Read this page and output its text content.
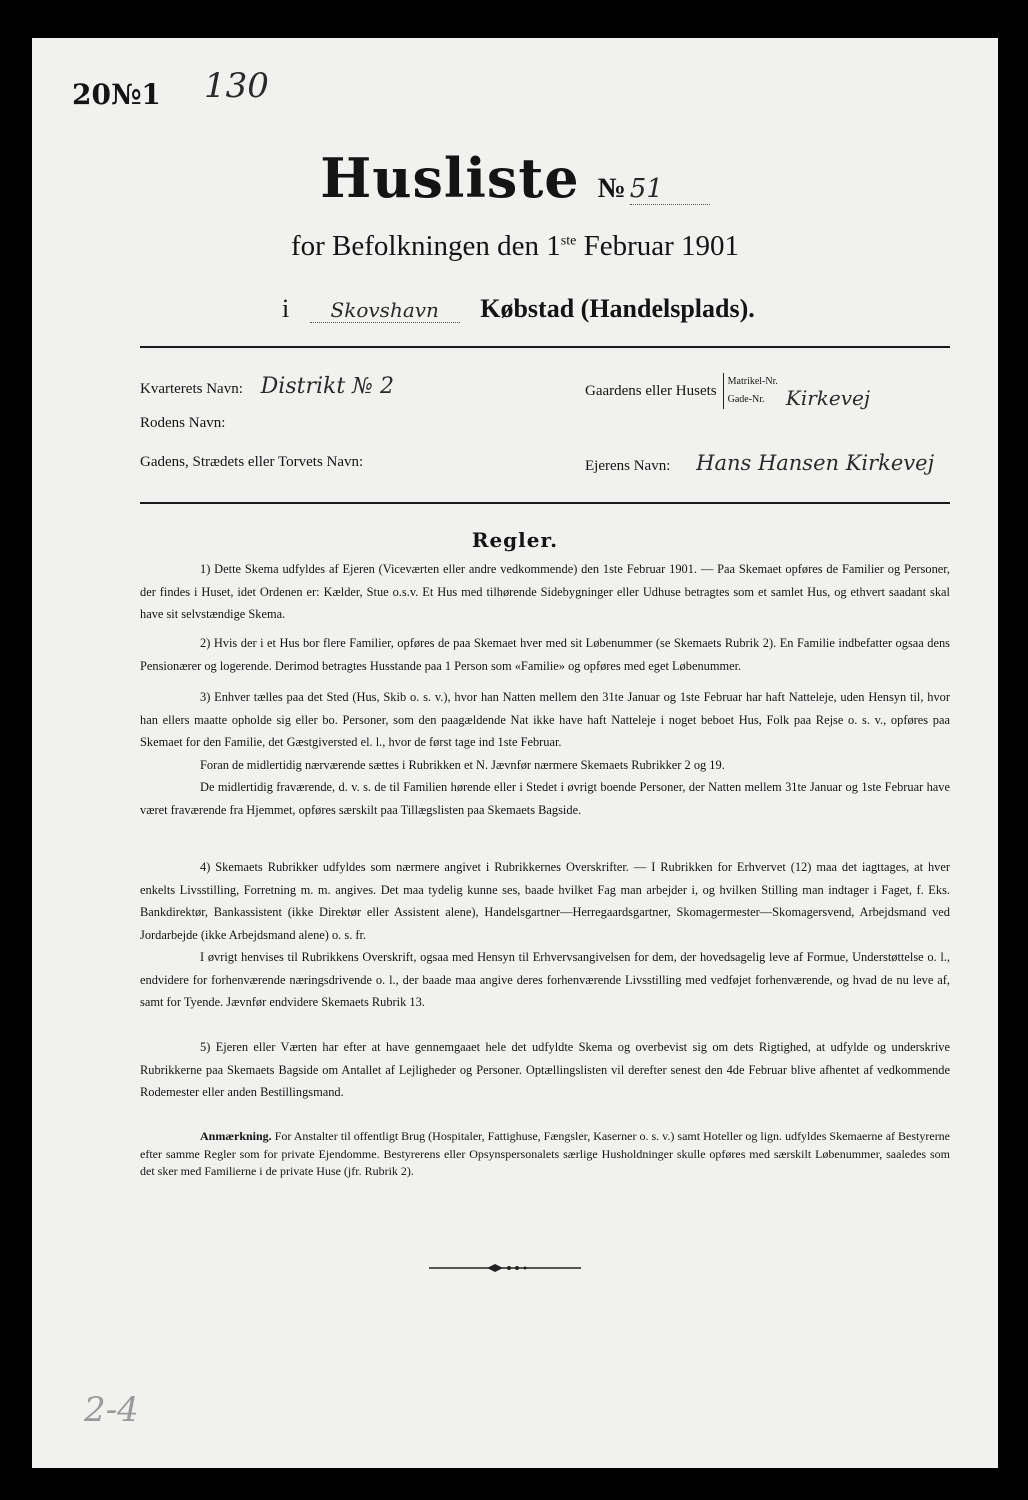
20№1 130
Husliste № 51
for Befolkningen den 1ste Februar 1901
i Skovshavn Købstad (Handelsplads).
Kvarterets Navn: Distrikt № 2	Gaardens eller Husets
Matrikel-Nr.
Gade-Nr.	Kirkevej
Rodens Navn:
Gadens, Strædets eller Torvets Navn:	Ejerens Navn: Hans Hansen Kirkevej
Regler.

1) Dette Skema udfyldes af Ejeren (Viceværten eller andre vedkommende) den 1ste Februar 1901. — Paa Skemaet opføres de Familier og Personer, der findes i Huset, idet Ordenen er: Kælder, Stue o.s.v. Et Hus med tilhørende Sidebygninger eller Udhuse betragtes som et samlet Hus, og ethvert saadant skal have sit selvstændige Skema.

2) Hvis der i et Hus bor flere Familier, opføres de paa Skemaet hver med sit Løbenummer (se Skemaets Rubrik 2). En Familie indbefatter ogsaa dens Pensionærer og logerende. Derimod betragtes Husstande paa 1 Person som «Familie» og opføres med eget Løbenummer.

3) Enhver tælles paa det Sted (Hus, Skib o. s. v.), hvor han Natten mellem den 31te Januar og 1ste Februar har haft Natteleje, uden Hensyn til, hvor han ellers maatte opholde sig eller bo. Personer, som den paagældende Nat ikke have haft Natteleje i noget beboet Hus, Folk paa Rejse o. s. v., opføres paa Skemaet for den Familie, det Gæstgiversted el. l., hvor de først tage ind 1ste Februar.

Foran de midlertidig nærværende sættes i Rubrikken et N. Jævnfør nærmere Skemaets Rubrikker 2 og 19.

De midlertidig fraværende, d. v. s. de til Familien hørende eller i Stedet i øvrigt boende Personer, der Natten mellem 31te Januar og 1ste Februar have været fraværende fra Hjemmet, opføres særskilt paa Tillægslisten paa Skemaets Bagside.

4) Skemaets Rubrikker udfyldes som nærmere angivet i Rubrikkernes Overskrifter. — I Rubrikken for Erhvervet (12) maa det iagttages, at hver enkelts Livsstilling, Forretning m. m. angives. Det maa tydelig kunne ses, baade hvilket Fag man arbejder i, og hvilken Stilling man indtager i Faget, f. Eks. Bankdirektør, Bankassistent (ikke Direktør eller Assistent alene), Handelsgartner—Herregaardsgartner, Skomagermester—Skomagersvend, Arbejdsmand ved Jordarbejde (ikke Arbejdsmand alene) o. s. fr.

I øvrigt henvises til Rubrikkens Overskrift, ogsaa med Hensyn til Erhvervsangivelsen for dem, der hovedsagelig leve af Formue, Understøttelse o. l., endvidere for forhenværende næringsdrivende o. l., der baade maa angive deres forhenværende Livsstilling med vedføjet forhenværende, og hvad de nu leve af, samt for Tyende. Jævnfør endvidere Skemaets Rubrik 13.

5) Ejeren eller Værten har efter at have gennemgaaet hele det udfyldte Skema og overbevist sig om dets Rigtighed, at udfylde og underskrive Rubrikkerne paa Skemaets Bagside om Antallet af Lejligheder og Personer. Optællingslisten vil derefter senest den 4de Februar blive afhentet af vedkommende Rodemester eller anden Bestillingsmand.

Anmærkning. For Anstalter til offentligt Brug (Hospitaler, Fattighuse, Fængsler, Kaserner o. s. v.) samt Hoteller og lign. udfyldes Skemaerne af Bestyrerne efter samme Regler som for private Ejendomme. Bestyrerens eller Opsynspersonalets særlige Husholdninger skulle opføres med særskilt Løbenummer, saaledes som det sker med Familierne i de private Huse (jfr. Rubrik 2).

2-4
